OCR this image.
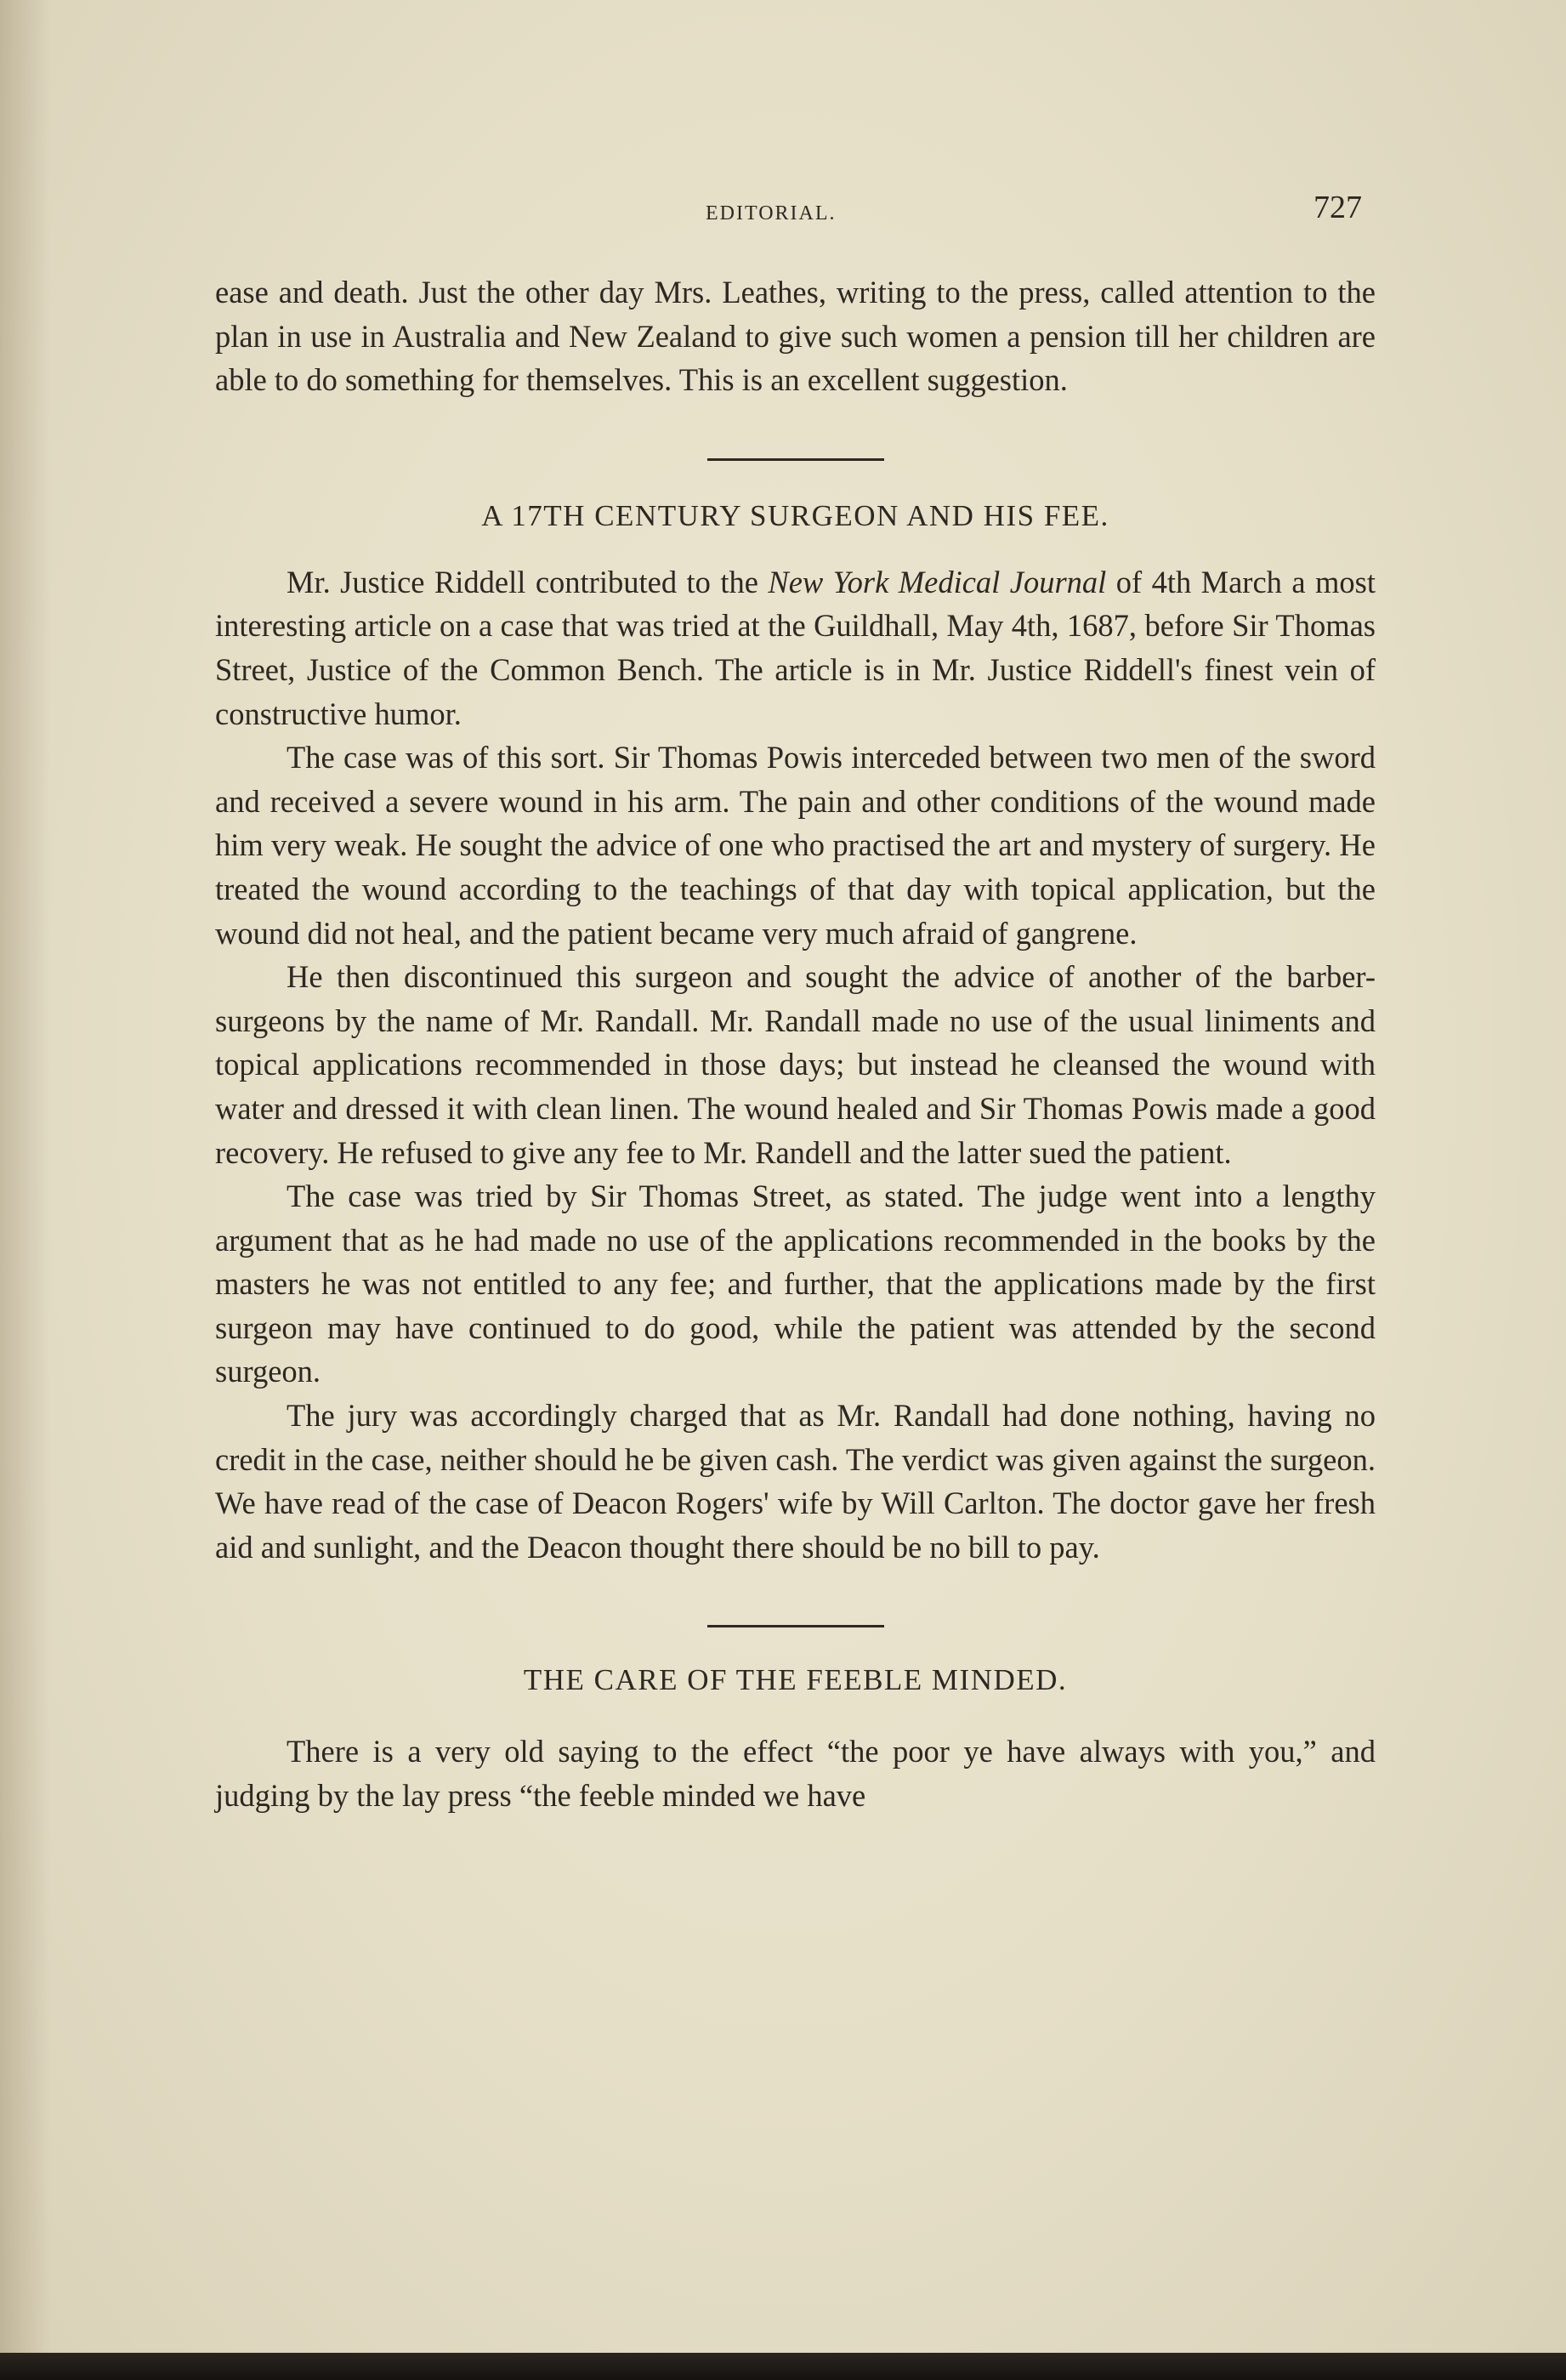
EDITORIAL.	727

ease and death. Just the other day Mrs. Leathes, writing to the press, called attention to the plan in use in Australia and New Zealand to give such women a pension till her children are able to do something for themselves. This is an excellent suggestion.

A 17TH CENTURY SURGEON AND HIS FEE.

Mr. Justice Riddell contributed to the New York Medical Journal of 4th March a most interesting article on a case that was tried at the Guildhall, May 4th, 1687, before Sir Thomas Street, Justice of the Common Bench. The article is in Mr. Justice Riddell's finest vein of constructive humor.

The case was of this sort. Sir Thomas Powis interceded between two men of the sword and received a severe wound in his arm. The pain and other conditions of the wound made him very weak. He sought the advice of one who practised the art and mystery of surgery. He treated the wound according to the teachings of that day with topical application, but the wound did not heal, and the patient became very much afraid of gangrene.

He then discontinued this surgeon and sought the advice of another of the barber-surgeons by the name of Mr. Randall. Mr. Randall made no use of the usual liniments and topical applications recommended in those days; but instead he cleansed the wound with water and dressed it with clean linen. The wound healed and Sir Thomas Powis made a good recovery. He refused to give any fee to Mr. Randell and the latter sued the patient.

The case was tried by Sir Thomas Street, as stated. The judge went into a lengthy argument that as he had made no use of the applications recommended in the books by the masters he was not entitled to any fee; and further, that the applications made by the first surgeon may have continued to do good, while the patient was attended by the second surgeon.

The jury was accordingly charged that as Mr. Randall had done nothing, having no credit in the case, neither should he be given cash. The verdict was given against the surgeon. We have read of the case of Deacon Rogers' wife by Will Carlton. The doctor gave her fresh aid and sunlight, and the Deacon thought there should be no bill to pay.

THE CARE OF THE FEEBLE MINDED.

There is a very old saying to the effect “the poor ye have always with you,” and judging by the lay press “the feeble minded we have
